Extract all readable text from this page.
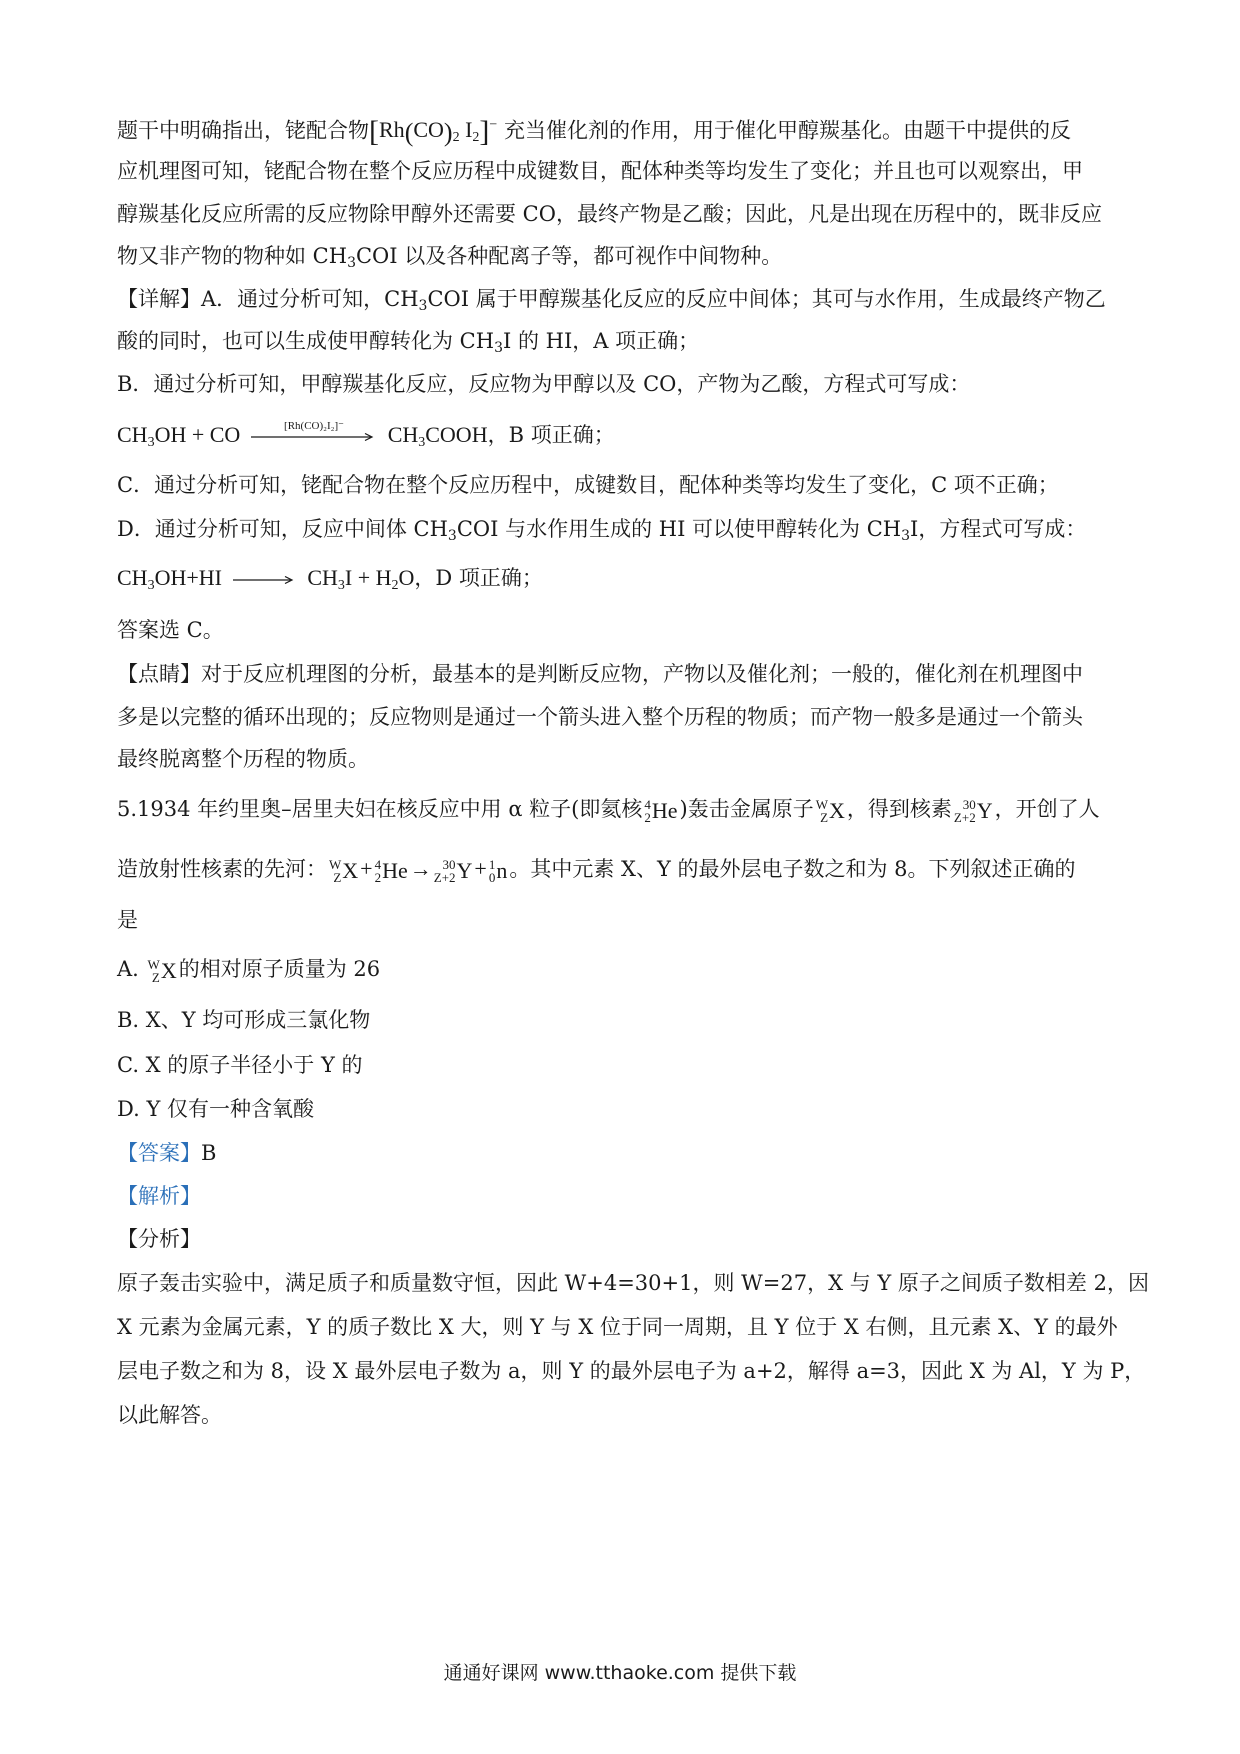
题干中明确指出，铑配合物[$Rh(CO)_2$ $I_2]^-$ 充当催化剂的作用，用于催化甲醇羰基化。由题干中提供的反
应机理图可知，铑配合物在整个反应历程中成键数目，配体种类等均发生了变化；并且也可以观察出，甲
醇羰基化反应所需的反应物除甲醇外还需要 CO，最终产物是乙酸；因此，凡是出现在历程中的，既非反应
物又非产物的物种如 $CH_3COI$ 以及各种配离子等，都可视作中间物种。
【详解】A．通过分析可知，$CH_3COI$ 属于甲醇羰基化反应的反应中间体；其可与水作用，生成最终产物乙
酸的同时，也可以生成使甲醇转化为 $CH_3I$ 的 HI，A 项正确；
B．通过分析可知，甲醇羰基化反应，反应物为甲醇以及 CO，产物为乙酸，方程式可写成：
$CH_3OH$ + CO	[Rh(CO)₂I₂]⁻ $CH_3COOH$，B 项正确；
C．通过分析可知，铑配合物在整个反应历程中，成键数目，配体种类等均发生了变化，C 项不正确；
D．通过分析可知，反应中间体 $CH_3COI$ 与水作用生成的 HI 可以使甲醇转化为 $CH_3I$，方程式可写成：
$CH_3OH+HI \to CH_3I + H_2O$，D 项正确；
答案选 C。
【点睛】对于反应机理图的分析，最基本的是判断反应物，产物以及催化剂；一般的，催化剂在机理图中
多是以完整的循环出现的；反应物则是通过一个箭头进入整个历程的物质；而产物一般多是通过一个箭头
最终脱离整个历程的物质。
5.1934 年约里奥–居里夫妇在核反应中用 α 粒子(即氦核 4
2 He )轰击金属原子 W
Z X ，得到核素 30
Z+2 Y ，开创了人
造放射性核素的先河： W
Z X + 4
2 He → 30
Z+2 Y + 1
0 n 。其中元素 X、Y 的最外层电子数之和为 8。下列叙述正确的
是
A. W
Z X 的相对原子质量为 26
B. X、Y 均可形成三氯化物
C. X 的原子半径小于 Y 的
D. Y 仅有一种含氧酸
【答案】B
【解析】
【分析】
原子轰击实验中，满足质子和质量数守恒，因此 W+4=30+1，则 W=27，X 与 Y 原子之间质子数相差 2，因
X 元素为金属元素，Y 的质子数比 X 大，则 Y 与 X 位于同一周期，且 Y 位于 X 右侧，且元素 X、Y 的最外
层电子数之和为 8，设 X 最外层电子数为 a，则 Y 的最外层电子为 a+2，解得 a=3，因此 X 为 Al，Y 为 P，
以此解答。
通通好课网 www.tthaoke.com 提供下载
